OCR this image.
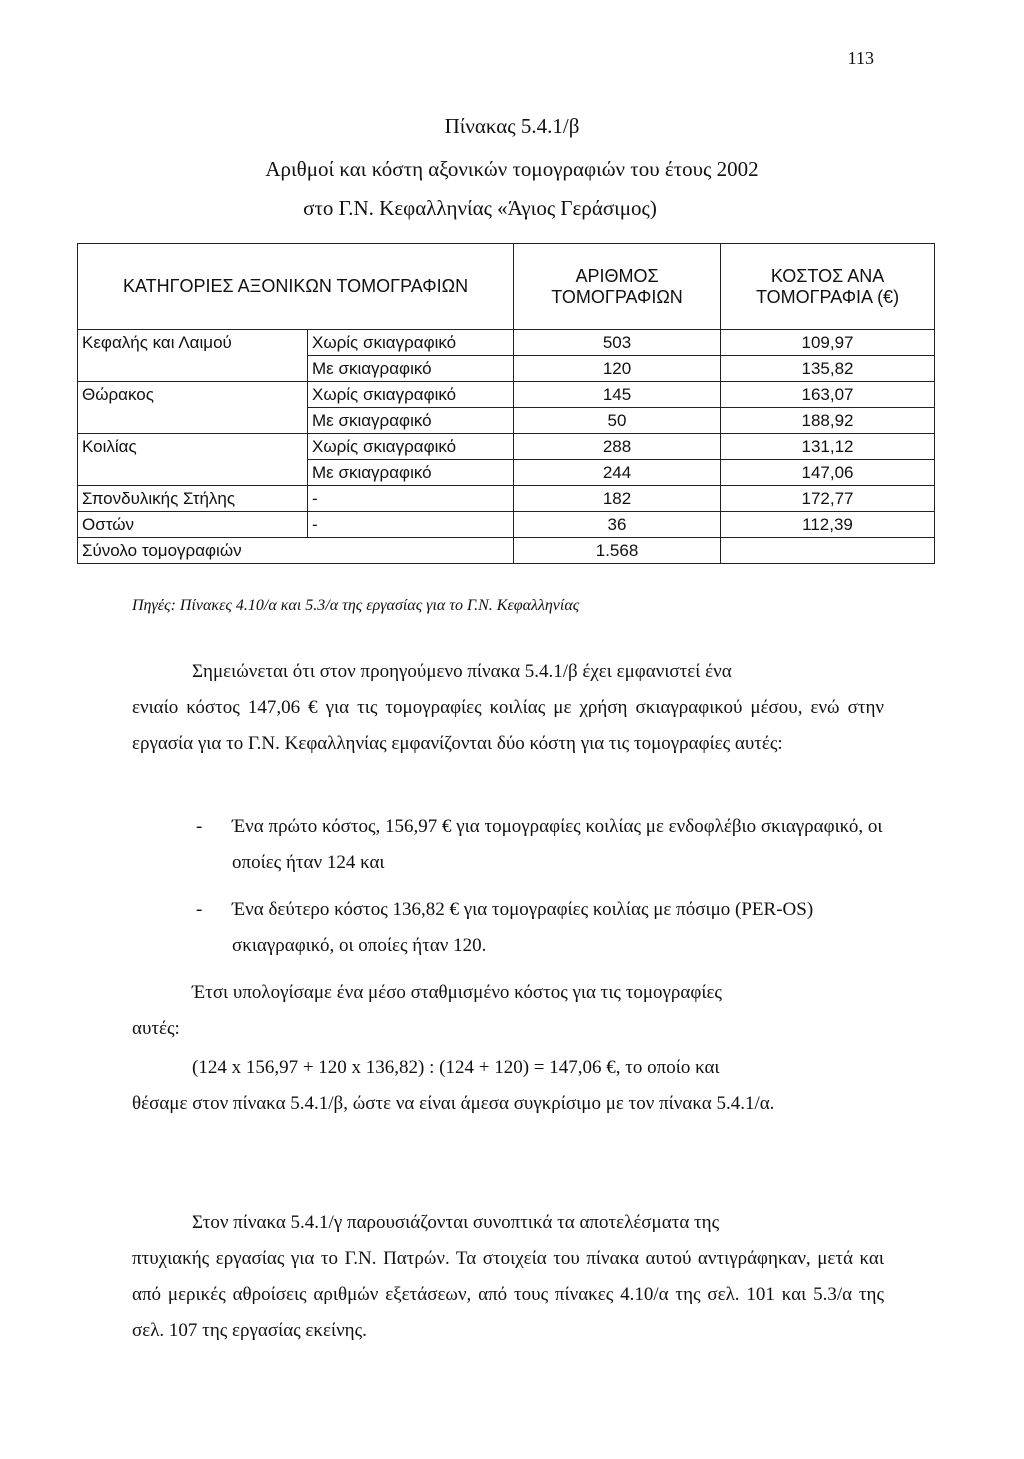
113
Πίνακας 5.4.1/β
Αριθμοί και κόστη αξονικών τομογραφιών του έτους 2002
στο Γ.Ν. Κεφαλληνίας «Άγιος Γεράσιμος)
ΚΑΤΗΓΟΡΙΕΣ ΑΞΟΝΙΚΩΝ ΤΟΜΟΓΡΑΦΙΩΝ		ΑΡΙΘΜΟΣ ΤΟΜΟΓΡΑΦΙΩΝ	ΚΟΣΤΟΣ ΑΝΑ ΤΟΜΟΓΡΑΦΙΑ (€)
Κεφαλής και Λαιμού	Χωρίς σκιαγραφικό	503	109,97
	Με σκιαγραφικό	120	135,82
Θώρακος	Χωρίς σκιαγραφικό	145	163,07
	Με σκιαγραφικό	50	188,92
Κοιλίας	Χωρίς σκιαγραφικό	288	131,12
	Με σκιαγραφικό	244	147,06
Σπονδυλικής Στήλης	-	182	172,77
Οστών	-	36	112,39
Σύνολο τομογραφιών		1.568	
Πηγές: Πίνακες 4.10/α και 5.3/α της εργασίας για το Γ.Ν. Κεφαλληνίας
Σημειώνεται ότι στον προηγούμενο πίνακα 5.4.1/β έχει εμφανιστεί ένα
ενιαίο κόστος 147,06 € για τις τομογραφίες κοιλίας με χρήση σκιαγραφικού μέσου, ενώ στην εργασία για το Γ.Ν. Κεφαλληνίας εμφανίζονται δύο κόστη για τις τομογραφίες αυτές:
-	Ένα πρώτο κόστος, 156,97 € για τομογραφίες κοιλίας με ενδοφλέβιο σκιαγραφικό, οι οποίες ήταν 124 και
-	Ένα δεύτερο κόστος 136,82 € για τομογραφίες κοιλίας με πόσιμο (PER-OS) σκιαγραφικό, οι οποίες ήταν 120.
Έτσι υπολογίσαμε ένα μέσο σταθμισμένο κόστος για τις τομογραφίες
αυτές:
(124 x 156,97 + 120 x 136,82) : (124 + 120) = 147,06 €, το οποίο και
θέσαμε στον πίνακα 5.4.1/β, ώστε να είναι άμεσα συγκρίσιμο με τον πίνακα 5.4.1/α.
Στον πίνακα 5.4.1/γ παρουσιάζονται συνοπτικά τα αποτελέσματα της
πτυχιακής εργασίας για το Γ.Ν. Πατρών. Τα στοιχεία του πίνακα αυτού αντιγράφηκαν, μετά και από μερικές αθροίσεις αριθμών εξετάσεων, από τους πίνακες 4.10/α της σελ. 101 και 5.3/α της σελ. 107 της εργασίας εκείνης.
